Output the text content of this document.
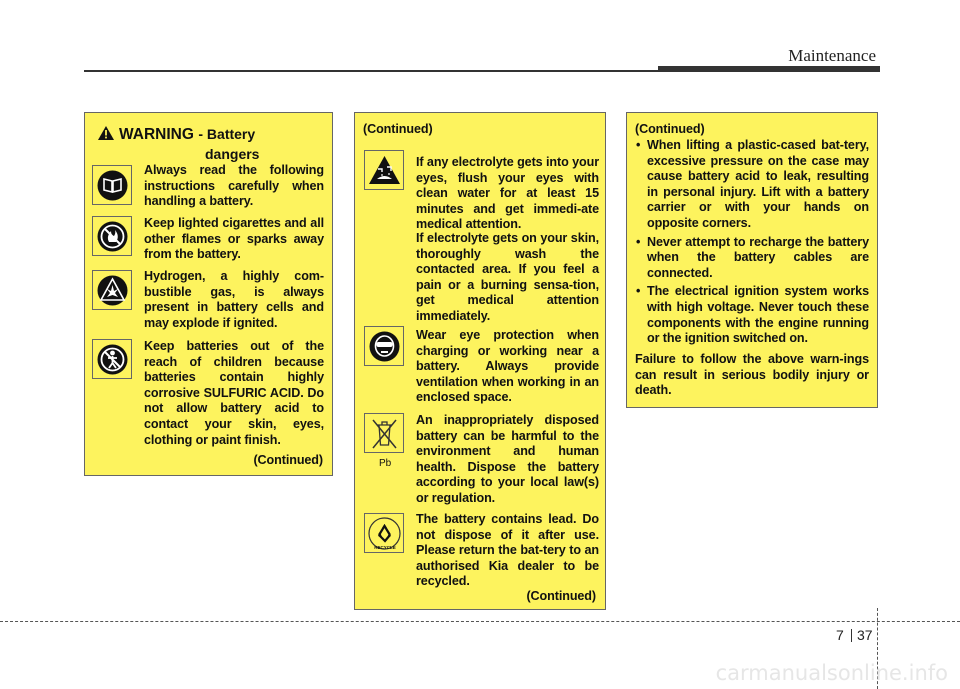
Maintenance
WARNING - Battery
dangers
Always read the following instructions carefully when handling a battery.
Keep lighted cigarettes and all other flames or sparks away from the battery.
Hydrogen, a highly com-bustible gas, is always present in battery cells and may explode if ignited.
Keep batteries out of the reach of children because batteries contain highly corrosive SULFURIC ACID. Do not allow battery acid to contact your skin, eyes, clothing or paint finish.
(Continued)
(Continued)
If any electrolyte gets into your eyes, flush your eyes with clean water for at least 15 minutes and get immedi-ate medical attention.
If electrolyte gets on your skin, thoroughly wash the contacted area. If you feel a pain or a burning sensa-tion, get medical attention immediately.
Wear eye protection when charging or working near a battery. Always provide ventilation when working in an enclosed space.
Pb
An inappropriately disposed battery can be harmful to the environment and human health. Dispose the battery according to your local law(s) or regulation.
RECYCLE
The battery contains lead. Do not dispose of it after use. Please return the bat-tery to an authorised Kia dealer to be recycled.
(Continued)
(Continued)
• When lifting a plastic-cased bat-tery, excessive pressure on the case may cause battery acid to leak, resulting in personal injury. Lift with a battery carrier or with your hands on opposite corners.
• Never attempt to recharge the battery when the battery cables are connected.
• The electrical ignition system works with high voltage. Never touch these components with the engine running or the ignition switched on.
Failure to follow the above warn-ings can result in serious bodily injury or death.
7 37
carmanualsonline.info
